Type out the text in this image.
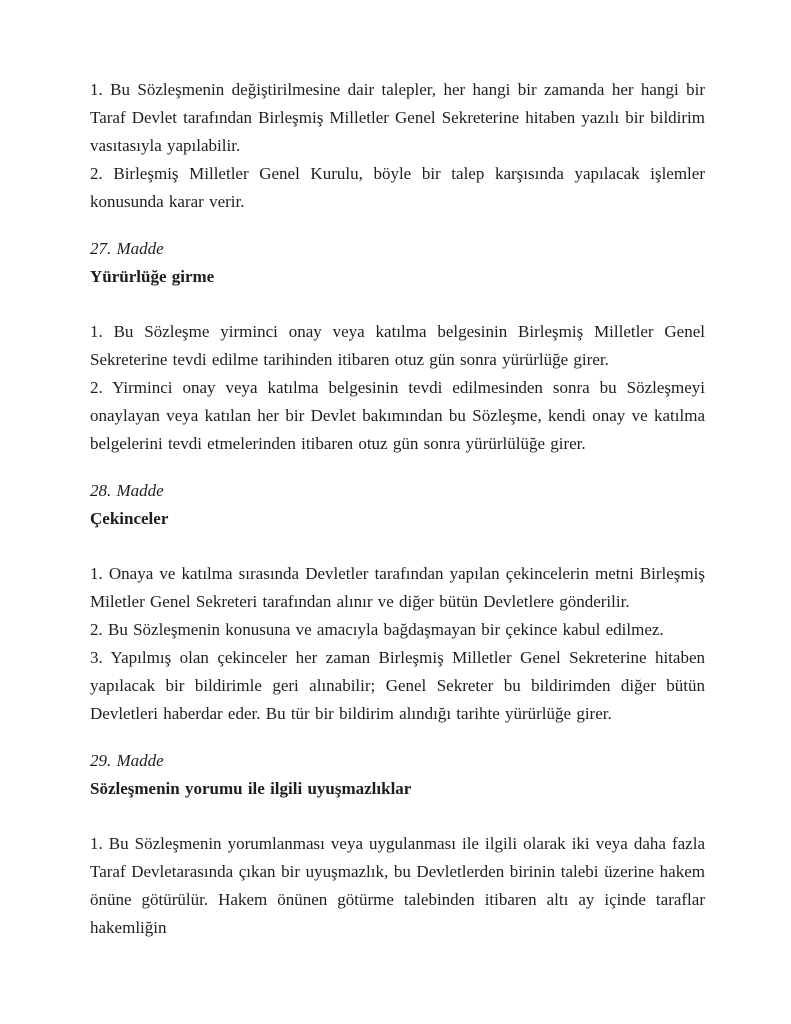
1. Bu Sözleşmenin değiştirilmesine dair talepler, her hangi bir zamanda her hangi bir Taraf Devlet tarafından Birleşmiş Milletler Genel Sekreterine hitaben yazılı bir bildirim vasıtasıyla yapılabilir.

2. Birleşmiş Milletler Genel Kurulu, böyle bir talep karşısında yapılacak işlemler konusunda karar verir.

27. Madde

Yürürlüğe girme

1. Bu Sözleşme yirminci onay veya katılma belgesinin Birleşmiş Milletler Genel Sekreterine tevdi edilme tarihinden itibaren otuz gün sonra yürürlüğe girer.

2. Yirminci onay veya katılma belgesinin tevdi edilmesinden sonra bu Sözleşmeyi onaylayan veya katılan her bir Devlet bakımından bu Sözleşme, kendi onay ve katılma belgelerini tevdi etmelerinden itibaren otuz gün sonra yürürlülüğe girer.

28. Madde

Çekinceler

1. Onaya ve katılma sırasında Devletler tarafından yapılan çekincelerin metni Birleşmiş Miletler Genel Sekreteri tarafından alınır ve diğer bütün Devletlere gönderilir.

2. Bu Sözleşmenin konusuna ve amacıyla bağdaşmayan bir çekince kabul edilmez.

3. Yapılmış olan çekinceler her zaman Birleşmiş Milletler Genel Sekreterine hitaben yapılacak bir bildirimle geri alınabilir; Genel Sekreter bu bildirimden diğer bütün Devletleri haberdar eder. Bu tür bir bildirim alındığı tarihte yürürlüğe girer.

29. Madde

Sözleşmenin yorumu ile ilgili uyuşmazlıklar

1. Bu Sözleşmenin yorumlanması veya uygulanması ile ilgili olarak iki veya daha fazla Taraf Devletarasında çıkan bir uyuşmazlık, bu Devletlerden birinin talebi üzerine hakem önüne götürülür. Hakem önünen götürme talebinden itibaren altı ay içinde taraflar hakemliğin
